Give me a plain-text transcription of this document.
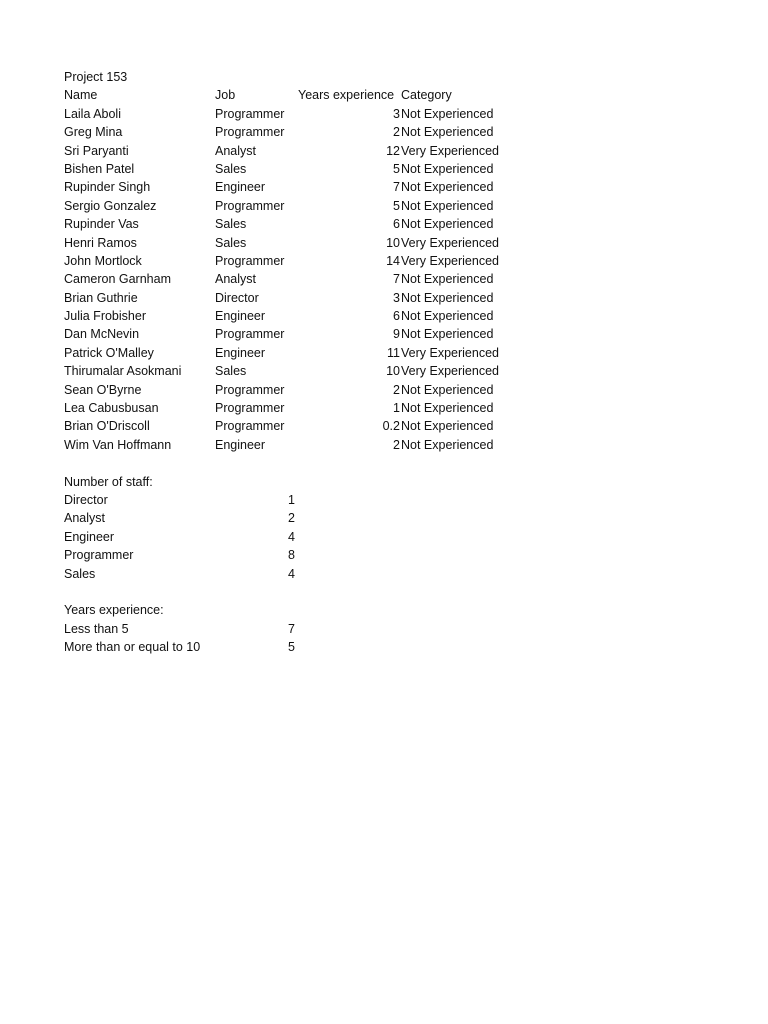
Project 153
Name	Job	Years experience Category
Laila Aboli	Programmer	3 Not Experienced
Greg Mina	Programmer	2 Not Experienced
Sri Paryanti	Analyst	12 Very Experienced
Bishen Patel	Sales	5 Not Experienced
Rupinder Singh	Engineer	7 Not Experienced
Sergio Gonzalez	Programmer	5 Not Experienced
Rupinder Vas	Sales	6 Not Experienced
Henri Ramos	Sales	10 Very Experienced
John Mortlock	Programmer	14 Very Experienced
Cameron Garnham	Analyst	7 Not Experienced
Brian Guthrie	Director	3 Not Experienced
Julia Frobisher	Engineer	6 Not Experienced
Dan McNevin	Programmer	9 Not Experienced
Patrick O'Malley	Engineer	11 Very Experienced
Thirumalar Asokmani	Sales	10 Very Experienced
Sean O'Byrne	Programmer	2 Not Experienced
Lea Cabusbusan	Programmer	1 Not Experienced
Brian O'Driscoll	Programmer	0.2 Not Experienced
Wim Van Hoffmann	Engineer	2 Not Experienced
Number of staff:
Director	1
Analyst	2
Engineer	4
Programmer	8
Sales	4
Years experience:
Less than 5	7
More than or equal to 10	5
